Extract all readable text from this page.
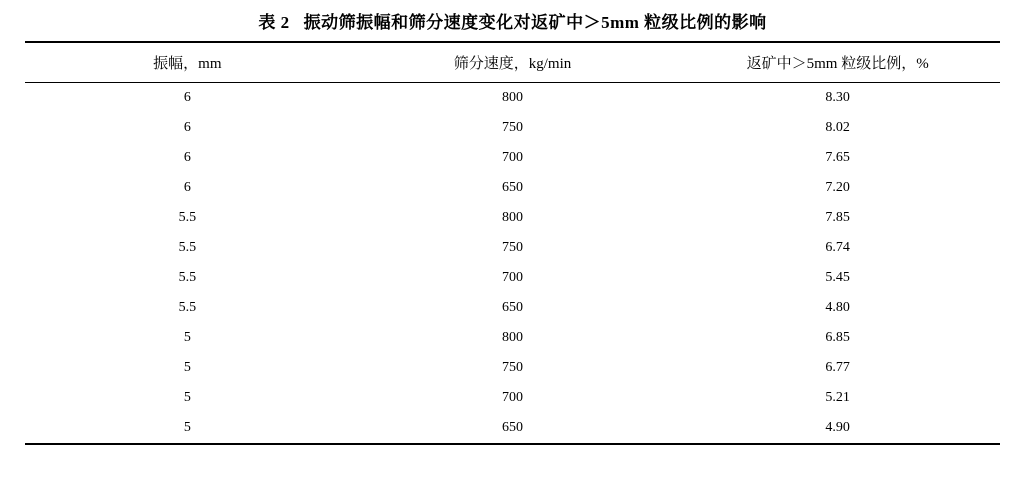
表 2 振动筛振幅和筛分速度变化对返矿中＞5mm 粒级比例的影响
振幅，mm	筛分速度，kg/min	返矿中＞5mm 粒级比例，%
6	800	8.30
6	750	8.02
6	700	7.65
6	650	7.20
5.5	800	7.85
5.5	750	6.74
5.5	700	5.45
5.5	650	4.80
5	800	6.85
5	750	6.77
5	700	5.21
5	650	4.90
